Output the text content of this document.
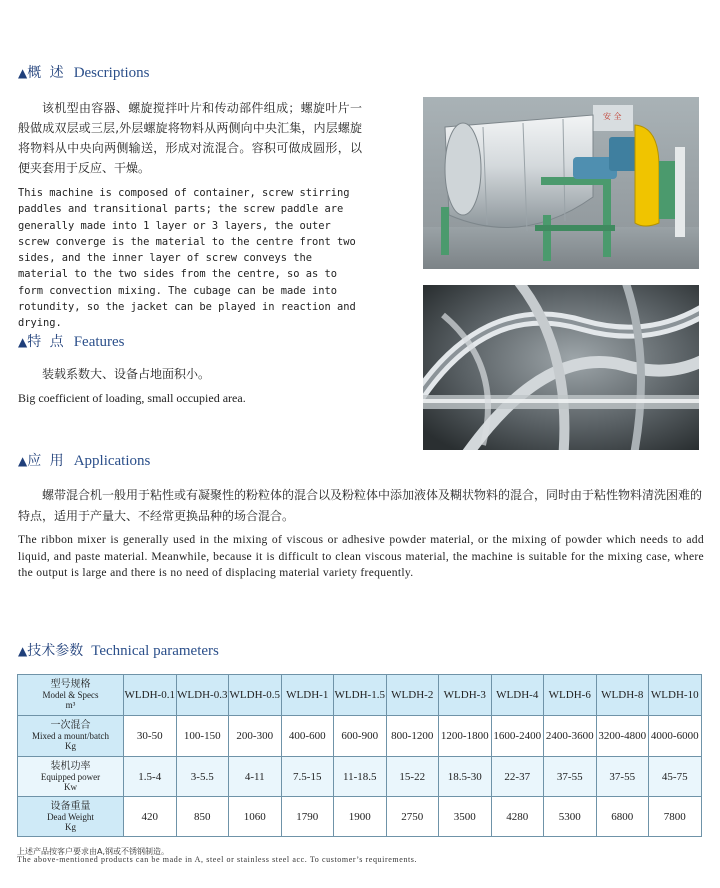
▲概 述 Descriptions
该机型由容器、螺旋搅拌叶片和传动部件组成；螺旋叶片一般做成双层或三层,外层螺旋将物料从两侧向中央汇集，内层螺旋将物料从中央向两侧输送，形成对流混合。容积可做成圆形，以便夹套用于反应、干燥。
This machine is composed of container, screw stirring paddles and transitional parts; the screw paddle are generally made into 1 layer or 3 layers, the outer screw converge is the material to the centre front two sides, and the inner layer of screw conveys the material to the two sides from the centre, so as to form convection mixing. The cubage can be made into rotundity, so the jacket can be played in reaction and drying.
安 全
▲特 点 Features
装载系数大、设备占地面积小。
Big coefficient of loading, small occupied area.
▲应 用 Applications
螺带混合机一般用于粘性或有凝聚性的粉粒体的混合以及粉粒体中添加液体及糊状物料的混合，同时由于粘性物料清洗困难的特点，适用于产量大、不经常更换品种的场合混合。
The ribbon mixer is generally used in the mixing of viscous or adhesive powder material, or the mixing of powder which needs to add liquid, and paste material. Meanwhile, because it is difficult to clean viscous material, the machine is suitable for the mixing case, where the output is large and there is no need of displacing material variety frequently.
▲技术参数 Technical parameters
型号规格
Model & Specs
m³	WLDH-0.1	WLDH-0.3	WLDH-0.5	WLDH-1	WLDH-1.5	WLDH-2	WLDH-3	WLDH-4	WLDH-6	WLDH-8	WLDH-10

一次混合
Mixed a mount/batch
Kg	30-50	100-150	200-300	400-600	600-900	800-1200	1200-1800	1600-2400	2400-3600	3200-4800	4000-6000

装机功率
Equipped power
Kw	1.5-4	3-5.5	4-11	7.5-15	11-18.5	15-22	18.5-30	22-37	37-55	37-55	45-75

设备重量
Dead Weight
Kg	420	850	1060	1790	1900	2750	3500	4280	5300	6800	7800
上述产品按客户要求由A,钢或不锈钢制造。
The above-mentioned products can be made in A, steel or stainless steel acc. To customer’s requirements.
